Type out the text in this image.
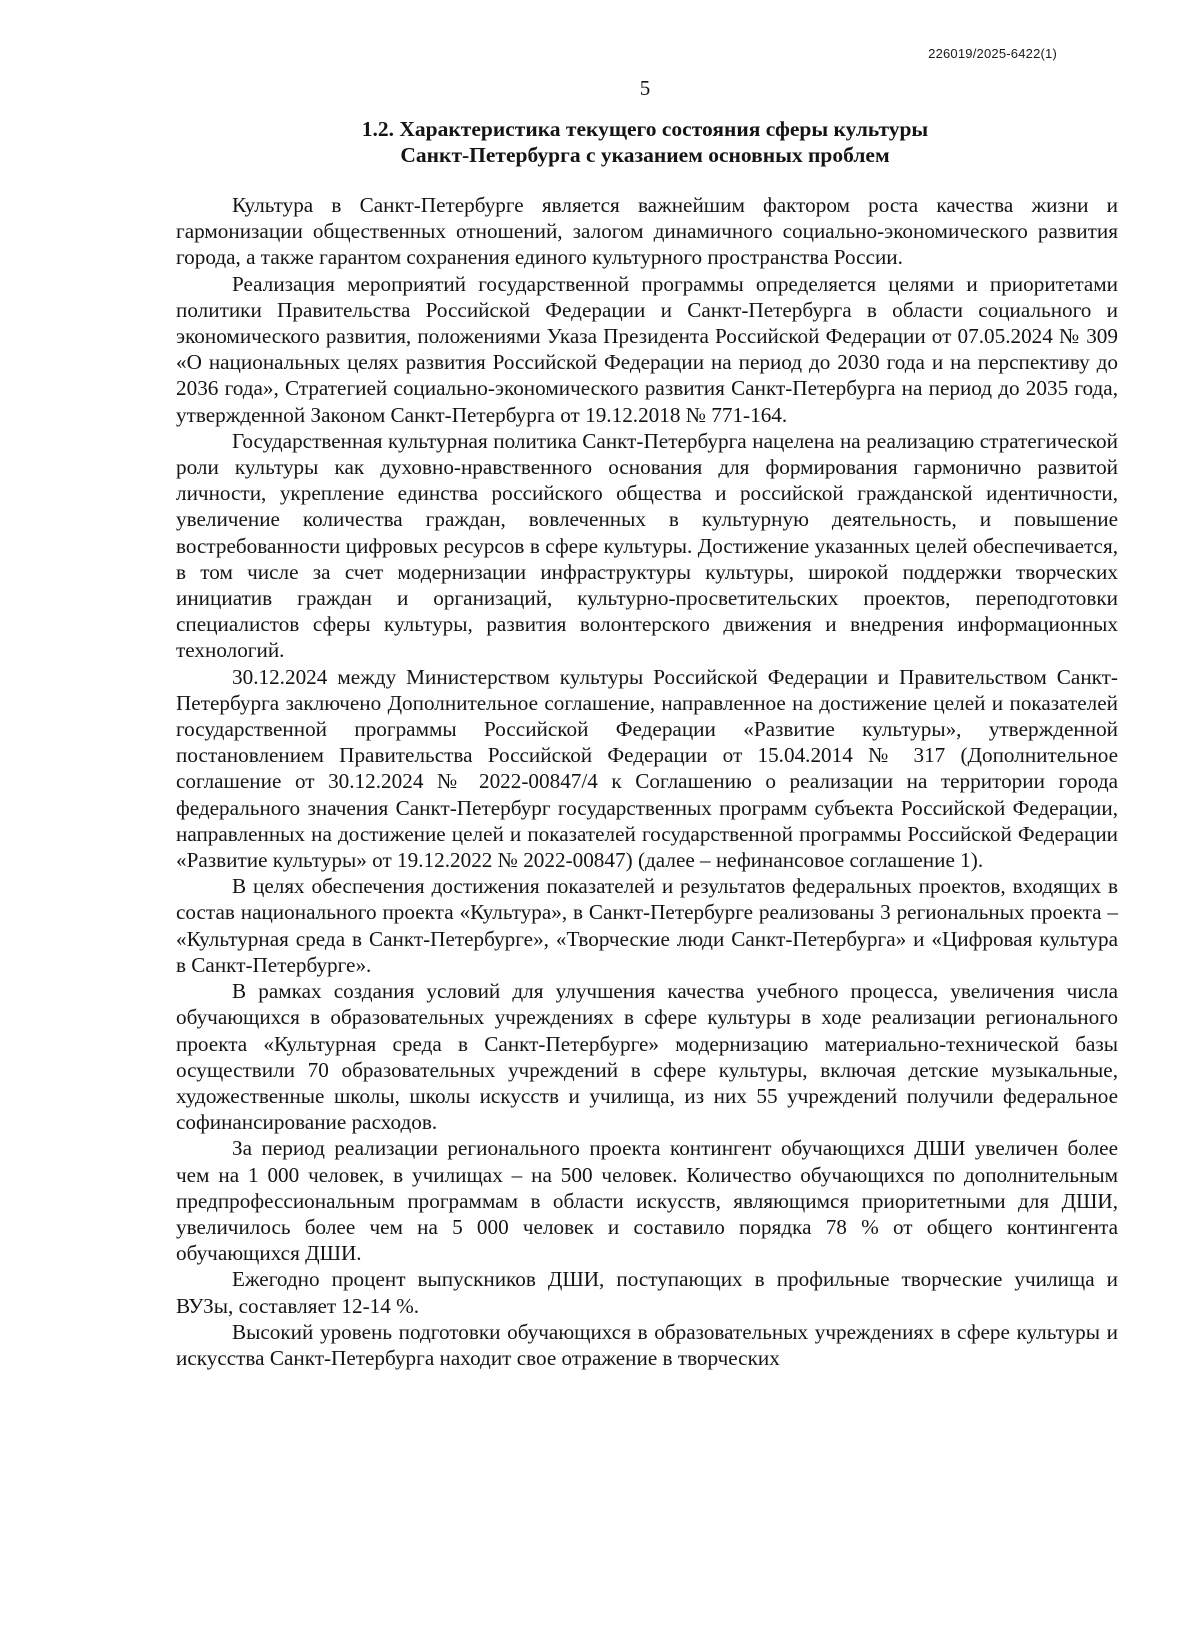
226019/2025-6422(1)
5
1.2. Характеристика текущего состояния сферы культуры
Санкт-Петербурга с указанием основных проблем

Культура в Санкт-Петербурге является важнейшим фактором роста качества жизни и гармонизации общественных отношений, залогом динамичного социально-экономического развития города, а также гарантом сохранения единого культурного пространства России.

Реализация мероприятий государственной программы определяется целями и приоритетами политики Правительства Российской Федерации и Санкт-Петербурга в области социального и экономического развития, положениями Указа Президента Российской Федерации от 07.05.2024 № 309 «О национальных целях развития Российской Федерации на период до 2030 года и на перспективу до 2036 года», Стратегией социально-экономического развития Санкт-Петербурга на период до 2035 года, утвержденной Законом Санкт-Петербурга от 19.12.2018 № 771-164.

Государственная культурная политика Санкт-Петербурга нацелена на реализацию стратегической роли культуры как духовно-нравственного основания для формирования гармонично развитой личности, укрепление единства российского общества и российской гражданской идентичности, увеличение количества граждан, вовлеченных в культурную деятельность, и повышение востребованности цифровых ресурсов в сфере культуры. Достижение указанных целей обеспечивается, в том числе за счет модернизации инфраструктуры культуры, широкой поддержки творческих инициатив граждан и организаций, культурно-просветительских проектов, переподготовки специалистов сферы культуры, развития волонтерского движения и внедрения информационных технологий.

30.12.2024 между Министерством культуры Российской Федерации и Правительством Санкт-Петербурга заключено Дополнительное соглашение, направленное на достижение целей и показателей государственной программы Российской Федерации «Развитие культуры», утвержденной постановлением Правительства Российской Федерации от 15.04.2014 № 317 (Дополнительное соглашение от 30.12.2024 № 2022-00847/4 к Соглашению о реализации на территории города федерального значения Санкт-Петербург государственных программ субъекта Российской Федерации, направленных на достижение целей и показателей государственной программы Российской Федерации «Развитие культуры» от 19.12.2022 № 2022-00847) (далее – нефинансовое соглашение 1).

В целях обеспечения достижения показателей и результатов федеральных проектов, входящих в состав национального проекта «Культура», в Санкт-Петербурге реализованы 3 региональных проекта – «Культурная среда в Санкт-Петербурге», «Творческие люди Санкт-Петербурга» и «Цифровая культура в Санкт-Петербурге».

В рамках создания условий для улучшения качества учебного процесса, увеличения числа обучающихся в образовательных учреждениях в сфере культуры в ходе реализации регионального проекта «Культурная среда в Санкт-Петербурге» модернизацию материально-технической базы осуществили 70 образовательных учреждений в сфере культуры, включая детские музыкальные, художественные школы, школы искусств и училища, из них 55 учреждений получили федеральное софинансирование расходов.

За период реализации регионального проекта контингент обучающихся ДШИ увеличен более чем на 1 000 человек, в училищах – на 500 человек. Количество обучающихся по дополнительным предпрофессиональным программам в области искусств, являющимся приоритетными для ДШИ, увеличилось более чем на 5 000 человек и составило порядка 78 % от общего контингента обучающихся ДШИ.

Ежегодно процент выпускников ДШИ, поступающих в профильные творческие училища и ВУЗы, составляет 12-14 %.

Высокий уровень подготовки обучающихся в образовательных учреждениях в сфере культуры и искусства Санкт-Петербурга находит свое отражение в творческих
